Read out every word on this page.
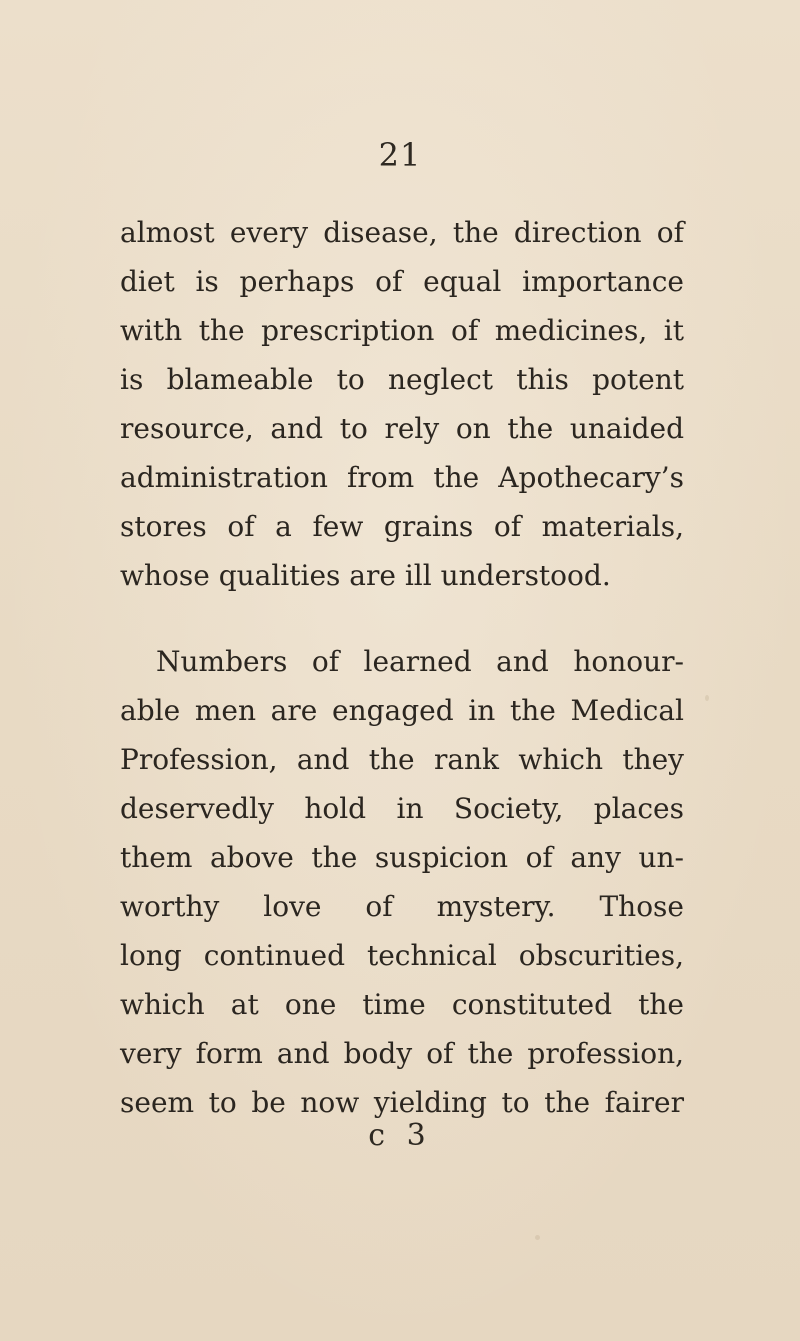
21
almost every disease, the direction of
diet is perhaps of equal importance
with the prescription of medicines, it
is blameable to neglect this potent
resource, and to rely on the unaided
administration from the Apothecary’s
stores of a few grains of materials,
whose qualities are ill understood.
Numbers of learned and honour-
able men are engaged in the Medical
Profession, and the rank which they
deservedly hold in Society, places
them above the suspicion of any un-
worthy love of mystery. Those
long continued technical obscurities,
which at one time constituted the
very form and body of the profession,
seem to be now yielding to the fairer
c 3
